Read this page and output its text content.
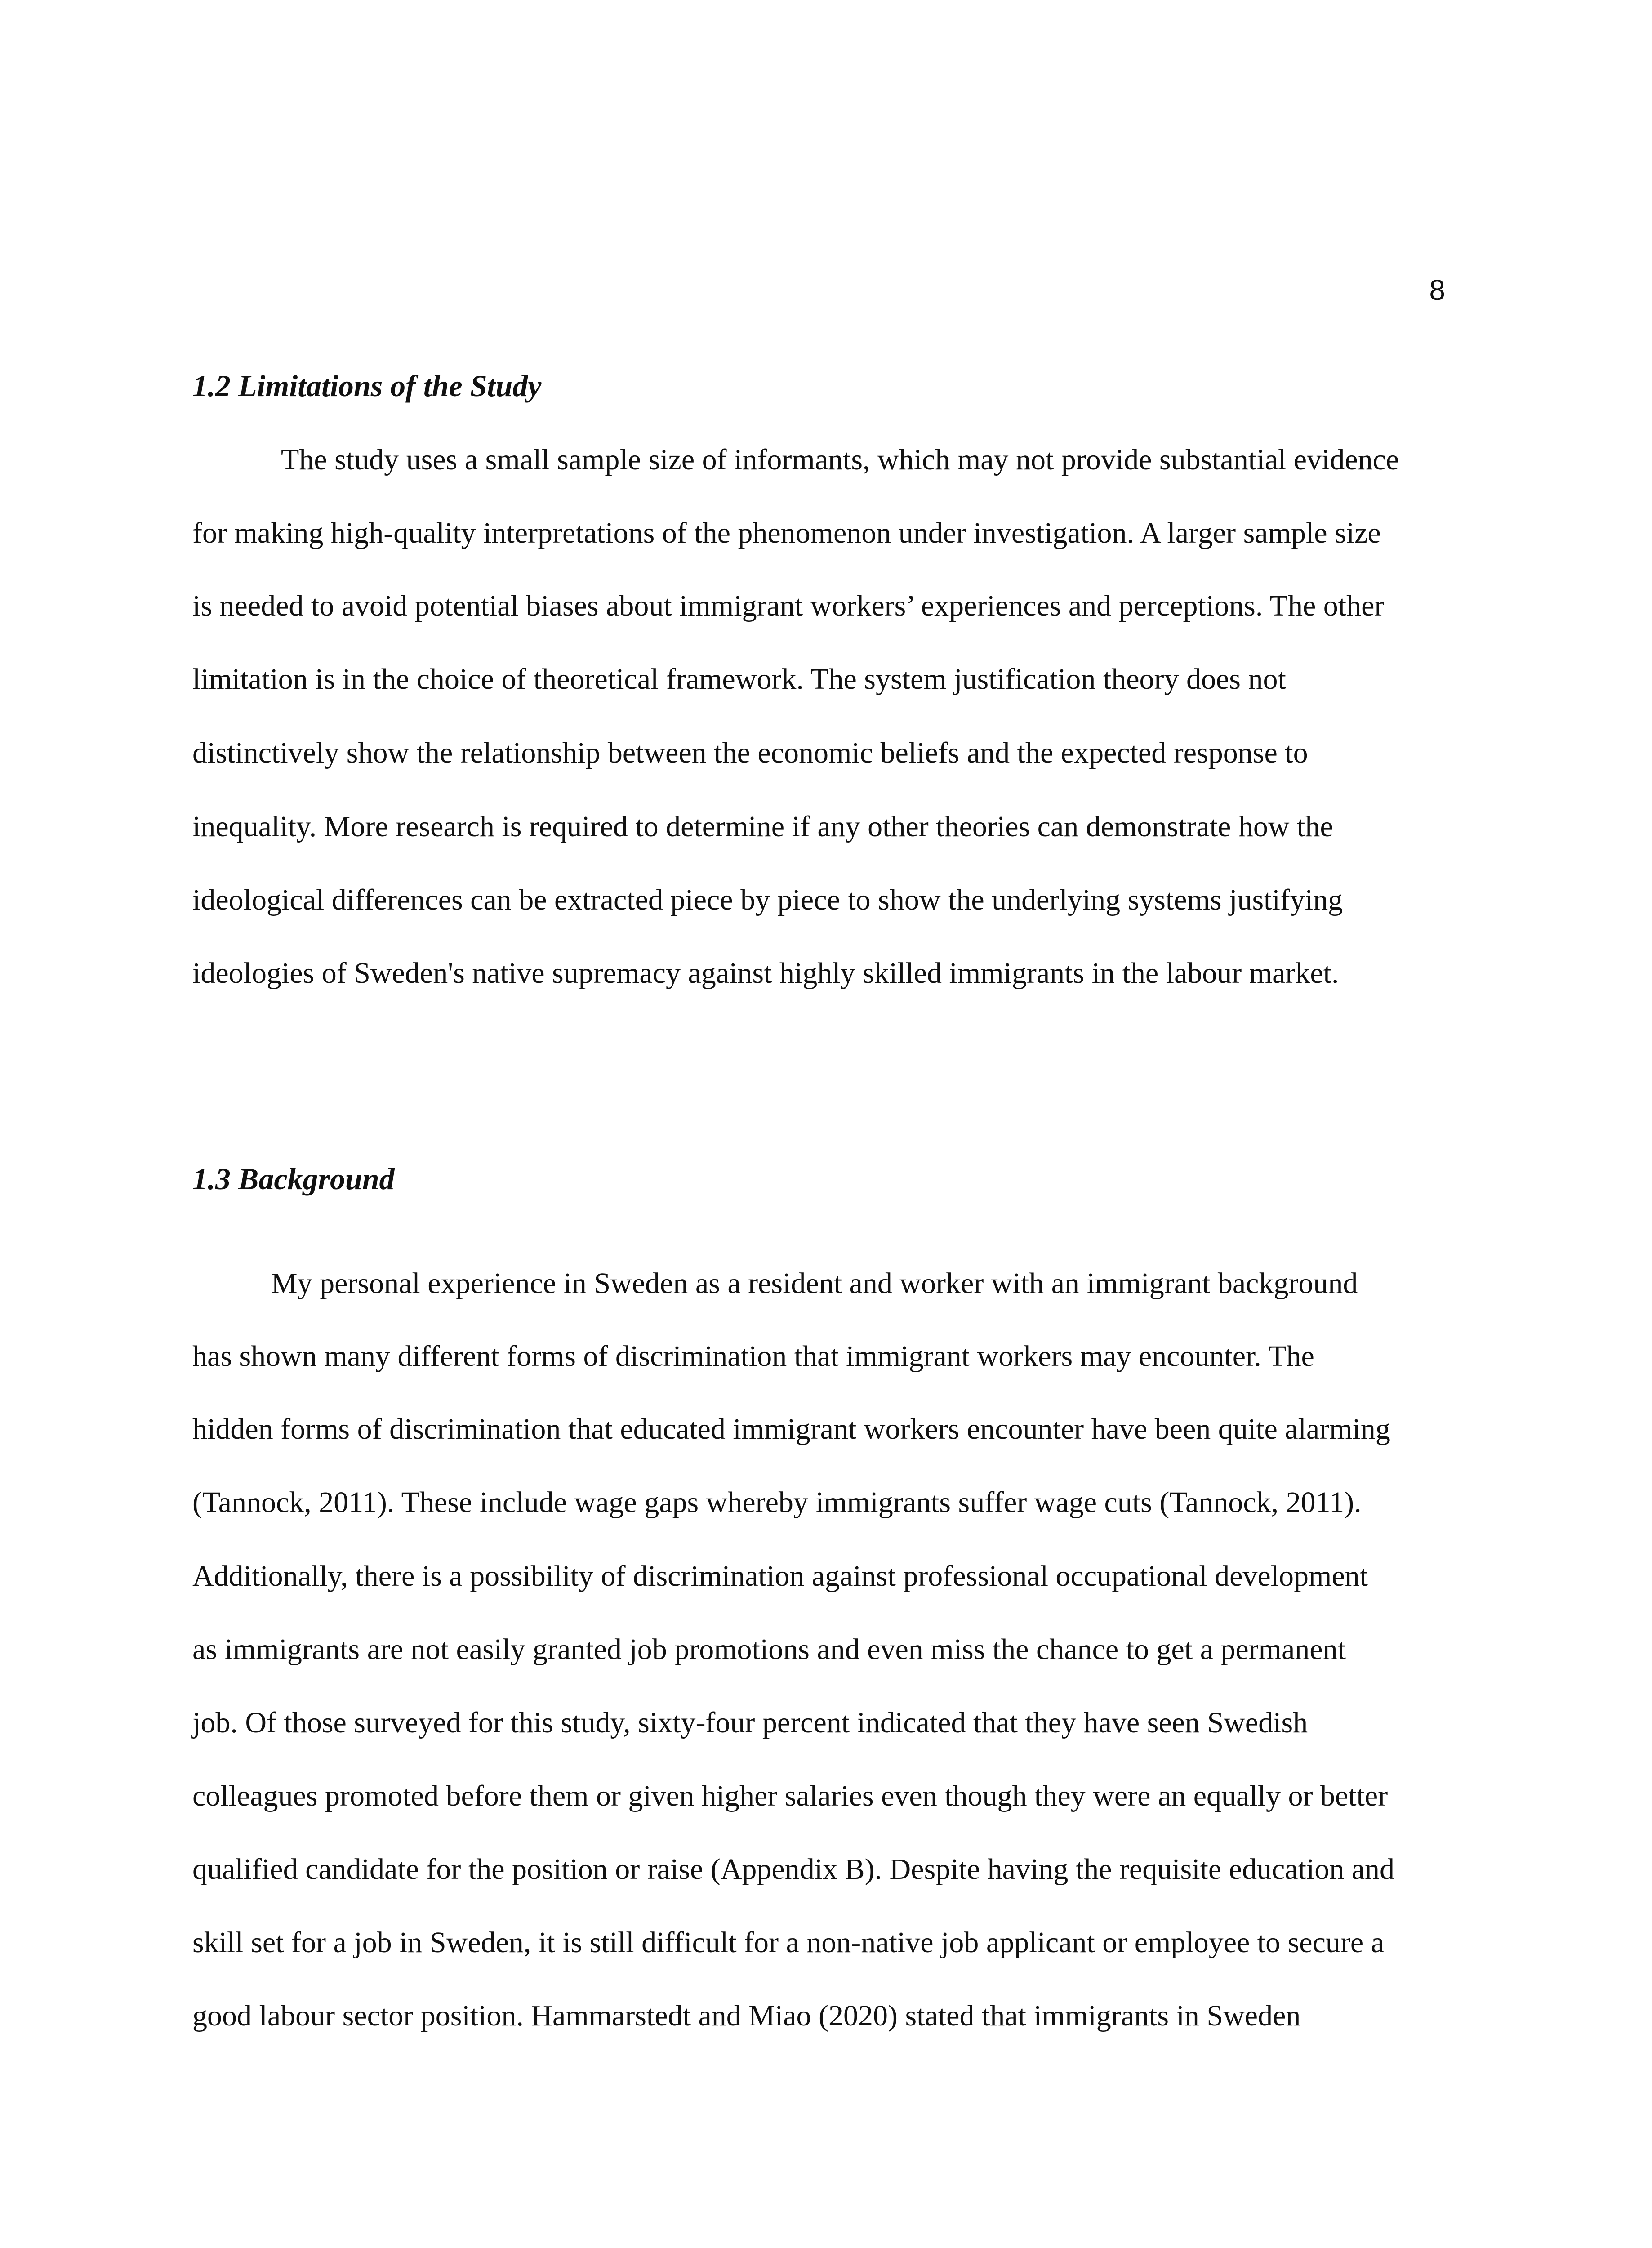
8
1.2 Limitations of the Study

The study uses a small sample size of informants, which may not provide substantial evidence

for making high-quality interpretations of the phenomenon under investigation. A larger sample size

is needed to avoid potential biases about immigrant workers’ experiences and perceptions. The other

limitation is in the choice of theoretical framework. The system justification theory does not

distinctively show the relationship between the economic beliefs and the expected response to

inequality. More research is required to determine if any other theories can demonstrate how the

ideological differences can be extracted piece by piece to show the underlying systems justifying

ideologies of Sweden's native supremacy against highly skilled immigrants in the labour market.

1.3 Background

My personal experience in Sweden as a resident and worker with an immigrant background

has shown many different forms of discrimination that immigrant workers may encounter. The

hidden forms of discrimination that educated immigrant workers encounter have been quite alarming

(Tannock, 2011). These include wage gaps whereby immigrants suffer wage cuts (Tannock, 2011).

Additionally, there is a possibility of discrimination against professional occupational development

as immigrants are not easily granted job promotions and even miss the chance to get a permanent

job. Of those surveyed for this study, sixty-four percent indicated that they have seen Swedish

colleagues promoted before them or given higher salaries even though they were an equally or better

qualified candidate for the position or raise (Appendix B). Despite having the requisite education and

skill set for a job in Sweden, it is still difficult for a non-native job applicant or employee to secure a

good labour sector position. Hammarstedt and Miao (2020) stated that immigrants in Sweden
